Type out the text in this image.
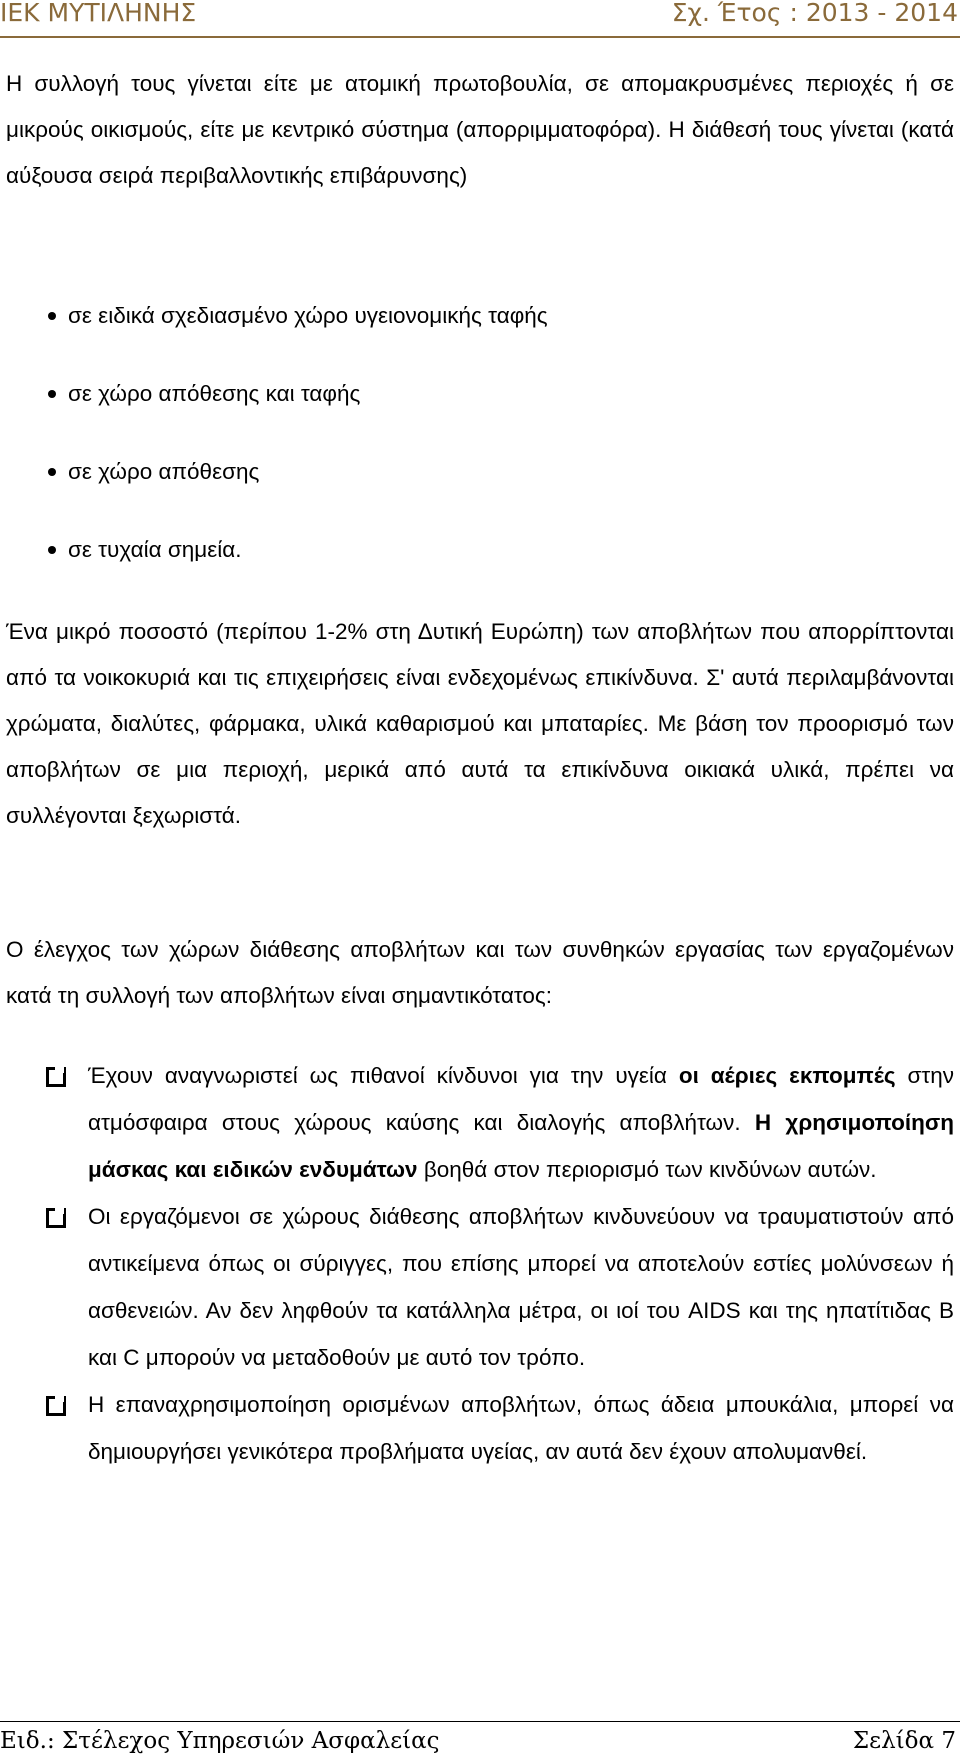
ΙΕΚ ΜΥΤΙΛΗΝΗΣ	Σχ. Έτος : 2013 - 2014

Η συλλογή τους γίνεται είτε με ατομική πρωτοβουλία, σε απομακρυσμένες περιοχές ή σε μικρούς οικισμούς, είτε με κεντρικό σύστημα (απορριμματοφόρα). Η διάθεσή τους γίνεται (κατά αύξουσα σειρά περιβαλλοντικής επιβάρυνσης)

σε ειδικά σχεδιασμένο χώρο υγειονομικής ταφής
σε χώρο απόθεσης και ταφής
σε χώρο απόθεσης
σε τυχαία σημεία.

Ένα μικρό ποσοστό (περίπου 1-2% στη Δυτική Ευρώπη) των αποβλήτων που απορρίπτονται από τα νοικοκυριά και τις επιχειρήσεις είναι ενδεχομένως επικίνδυνα. Σ' αυτά περιλαμβάνονται χρώματα, διαλύτες, φάρμακα, υλικά καθαρισμού και μπαταρίες. Με βάση τον προορισμό των αποβλήτων σε μια περιοχή, μερικά από αυτά τα επικίνδυνα οικιακά υλικά, πρέπει να συλλέγονται ξεχωριστά.

Ο έλεγχος των χώρων διάθεσης αποβλήτων και των συνθηκών εργασίας των εργαζομένων κατά τη συλλογή των αποβλήτων είναι σημαντικότατος:

Έχουν αναγνωριστεί ως πιθανοί κίνδυνοι για την υγεία οι αέριες εκπομπές στην ατμόσφαιρα στους χώρους καύσης και διαλογής αποβλήτων. Η χρησιμοποίηση μάσκας και ειδικών ενδυμάτων βοηθά στον περιορισμό των κινδύνων αυτών.
Οι εργαζόμενοι σε χώρους διάθεσης αποβλήτων κινδυνεύουν να τραυματιστούν από αντικείμενα όπως οι σύριγγες, που επίσης μπορεί να αποτελούν εστίες μολύνσεων ή ασθενειών. Αν δεν ληφθούν τα κατάλληλα μέτρα, οι ιοί του AIDS και της ηπατίτιδας Β και C μπορούν να μεταδοθούν με αυτό τον τρόπο.
Η επαναχρησιμοποίηση ορισμένων αποβλήτων, όπως άδεια μπουκάλια, μπορεί να δημιουργήσει γενικότερα προβλήματα υγείας, αν αυτά δεν έχουν απολυμανθεί.
Ειδ.: Στέλεχος Υπηρεσιών Ασφαλείας	Σελίδα 7
